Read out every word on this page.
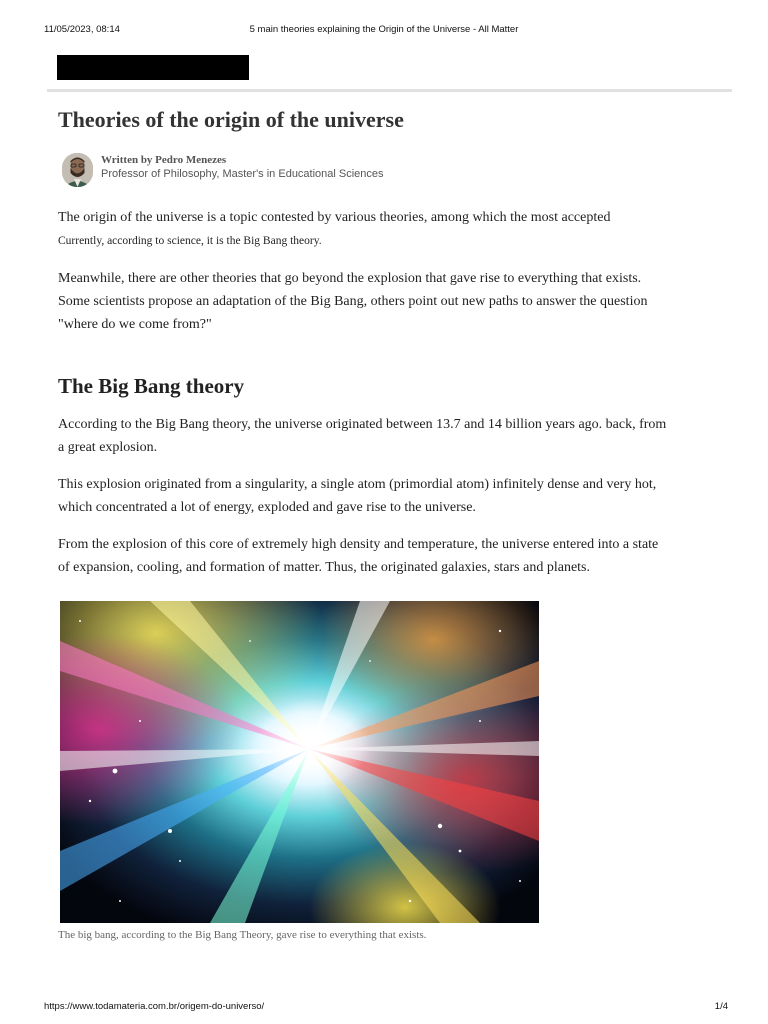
11/05/2023, 08:14	5 main theories explaining the Origin of the Universe - All Matter
Theories of the origin of the universe
Written by Pedro Menezes
Professor of Philosophy, Master's in Educational Sciences

The origin of the universe is a topic contested by various theories, among which the most accepted
Currently, according to science, it is the Big Bang theory.

Meanwhile, there are other theories that go beyond the explosion that gave rise to everything that exists. Some scientists propose an adaptation of the Big Bang, others point out new paths to answer the question "where do we come from?"

The Big Bang theory

According to the Big Bang theory, the universe originated between 13.7 and 14 billion years ago. back, from a great explosion.

This explosion originated from a singularity, a single atom (primordial atom) infinitely dense and very hot, which concentrated a lot of energy, exploded and gave rise to the universe.

From the explosion of this core of extremely high density and temperature, the universe entered into a state of expansion, cooling, and formation of matter. Thus, the originated galaxies, stars and planets.

The big bang, according to the Big Bang Theory, gave rise to everything that exists.
https://www.todamateria.com.br/origem-do-universo/	1/4
